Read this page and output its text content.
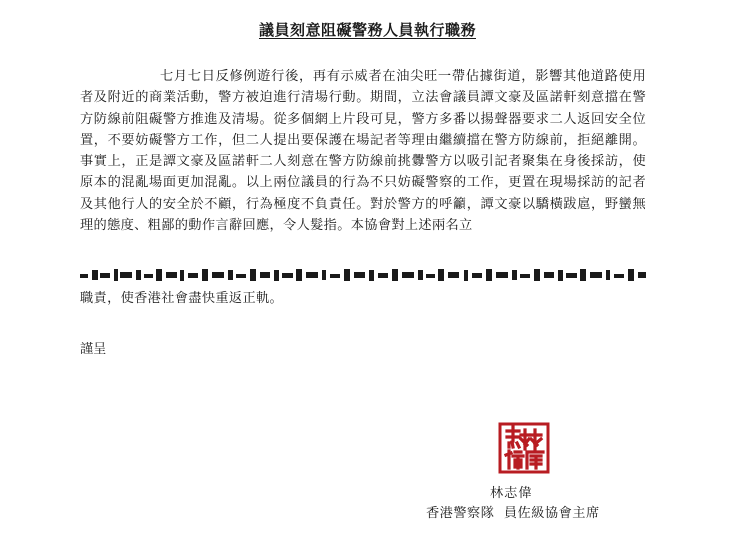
議員刻意阻礙警務人員執行職務

七月七日反修例遊行後，再有示威者在油尖旺一帶佔據街道，影響其他道路使用者及附近的商業活動，警方被迫進行清場行動。期間，立法會議員譚文豪及區諾軒刻意擋在警方防線前阻礙警方推進及清場。從多個網上片段可見，警方多番以揚聲器要求二人返回安全位置，不要妨礙警方工作，但二人提出要保護在場記者等理由繼續擋在警方防線前，拒絕離開。事實上，正是譚文豪及區諾軒二人刻意在警方防線前挑釁警方以吸引記者聚集在身後採訪，使原本的混亂場面更加混亂。以上兩位議員的行為不只妨礙警察的工作，更置在現場採訪的記者及其他行人的安全於不顧，行為極度不負責任。對於警方的呼籲，譚文豪以驕橫跋扈，野蠻無理的態度、粗鄙的動作言辭回應，令人髮指。本協會對上述兩名立

職責，使香港社會盡快重返正軌。

謹呈

林志偉
香港警察隊  員佐級協會主席
